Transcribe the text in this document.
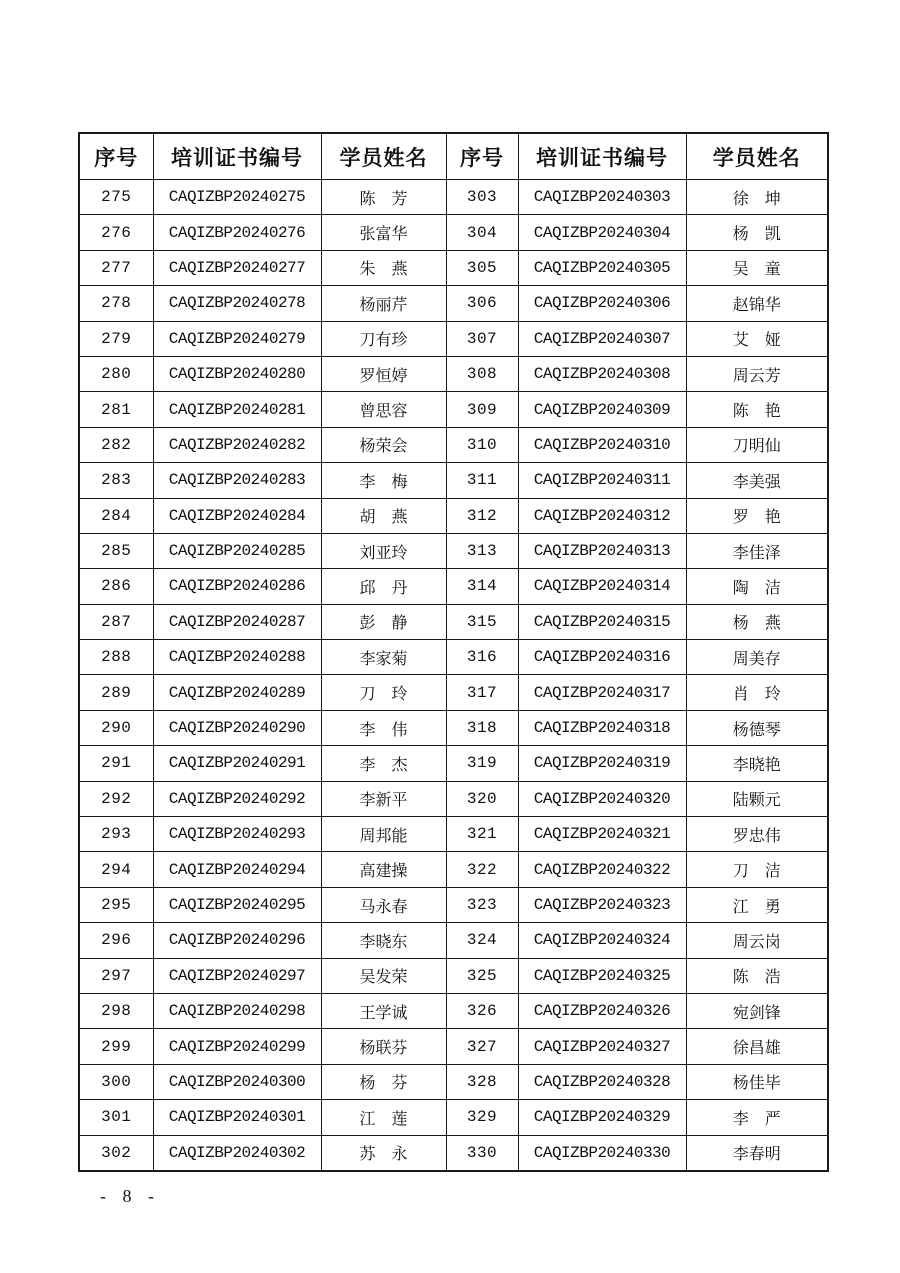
序号	培训证书编号	学员姓名	序号	培训证书编号	学员姓名
275	CAQIZBP20240275	陈　芳	303	CAQIZBP20240303	徐　坤
276	CAQIZBP20240276	张富华	304	CAQIZBP20240304	杨　凯
277	CAQIZBP20240277	朱　燕	305	CAQIZBP20240305	吴　童
278	CAQIZBP20240278	杨丽芹	306	CAQIZBP20240306	赵锦华
279	CAQIZBP20240279	刀有珍	307	CAQIZBP20240307	艾　娅
280	CAQIZBP20240280	罗恒婷	308	CAQIZBP20240308	周云芳
281	CAQIZBP20240281	曾思容	309	CAQIZBP20240309	陈　艳
282	CAQIZBP20240282	杨荣会	310	CAQIZBP20240310	刀明仙
283	CAQIZBP20240283	李　梅	311	CAQIZBP20240311	李美强
284	CAQIZBP20240284	胡　燕	312	CAQIZBP20240312	罗　艳
285	CAQIZBP20240285	刘亚玲	313	CAQIZBP20240313	李佳泽
286	CAQIZBP20240286	邱　丹	314	CAQIZBP20240314	陶　洁
287	CAQIZBP20240287	彭　静	315	CAQIZBP20240315	杨　燕
288	CAQIZBP20240288	李家菊	316	CAQIZBP20240316	周美存
289	CAQIZBP20240289	刀　玲	317	CAQIZBP20240317	肖　玲
290	CAQIZBP20240290	李　伟	318	CAQIZBP20240318	杨德琴
291	CAQIZBP20240291	李　杰	319	CAQIZBP20240319	李晓艳
292	CAQIZBP20240292	李新平	320	CAQIZBP20240320	陆颗元
293	CAQIZBP20240293	周邦能	321	CAQIZBP20240321	罗忠伟
294	CAQIZBP20240294	高建操	322	CAQIZBP20240322	刀　洁
295	CAQIZBP20240295	马永春	323	CAQIZBP20240323	江　勇
296	CAQIZBP20240296	李晓东	324	CAQIZBP20240324	周云岗
297	CAQIZBP20240297	吴发荣	325	CAQIZBP20240325	陈　浩
298	CAQIZBP20240298	王学诚	326	CAQIZBP20240326	宛剑锋
299	CAQIZBP20240299	杨联芬	327	CAQIZBP20240327	徐昌雄
300	CAQIZBP20240300	杨　芬	328	CAQIZBP20240328	杨佳毕
301	CAQIZBP20240301	江　莲	329	CAQIZBP20240329	李　严
302	CAQIZBP20240302	苏　永	330	CAQIZBP20240330	李春明
- 8 -
